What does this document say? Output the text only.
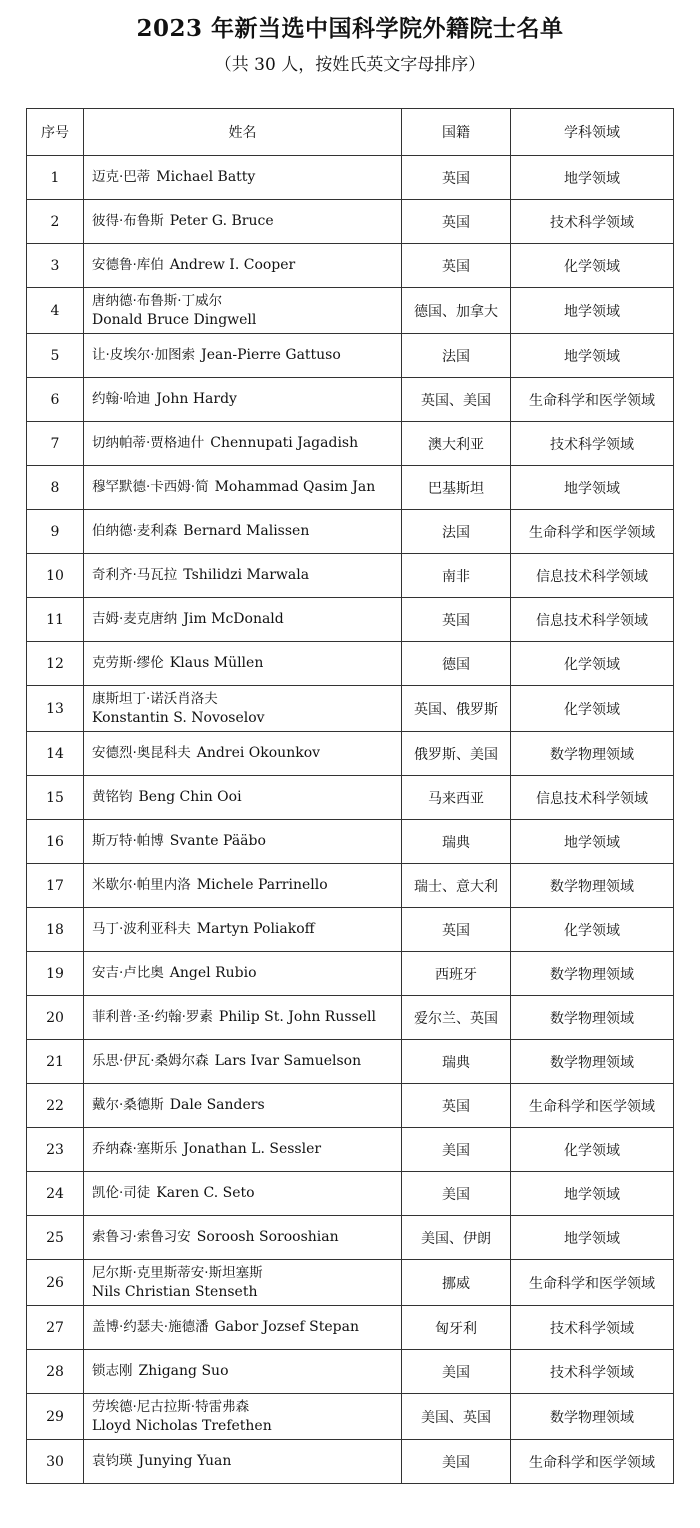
2023 年新当选中国科学院外籍院士名单
（共 30 人，按姓氏英文字母排序）
序号	姓名	国籍	学科领域
1	迈克·巴蒂 Michael Batty	英国	地学领域
2	彼得·布鲁斯 Peter G. Bruce	英国	技术科学领域
3	安德鲁·库伯 Andrew I. Cooper	英国	化学领域
4	唐纳德·布鲁斯·丁威尔
Donald Bruce Dingwell	德国、加拿大	地学领域
5	让·皮埃尔·加图索 Jean-Pierre Gattuso	法国	地学领域
6	约翰·哈迪 John Hardy	英国、美国	生命科学和医学领域
7	切纳帕蒂·贾格迪什 Chennupati Jagadish	澳大利亚	技术科学领域
8	穆罕默德·卡西姆·简 Mohammad Qasim Jan	巴基斯坦	地学领域
9	伯纳德·麦利森 Bernard Malissen	法国	生命科学和医学领域
10	奇利齐·马瓦拉 Tshilidzi Marwala	南非	信息技术科学领域
11	吉姆·麦克唐纳 Jim McDonald	英国	信息技术科学领域
12	克劳斯·缪伦 Klaus Müllen	德国	化学领域
13	康斯坦丁·诺沃肖洛夫
Konstantin S. Novoselov	英国、俄罗斯	化学领域
14	安德烈·奥昆科夫 Andrei Okounkov	俄罗斯、美国	数学物理领域
15	黄铭钧 Beng Chin Ooi	马来西亚	信息技术科学领域
16	斯万特·帕博 Svante Pääbo	瑞典	地学领域
17	米歇尔·帕里内洛 Michele Parrinello	瑞士、意大利	数学物理领域
18	马丁·波利亚科夫 Martyn Poliakoff	英国	化学领域
19	安吉·卢比奥 Angel Rubio	西班牙	数学物理领域
20	菲利普·圣·约翰·罗素 Philip St. John Russell	爱尔兰、英国	数学物理领域
21	乐思·伊瓦·桑姆尔森 Lars Ivar Samuelson	瑞典	数学物理领域
22	戴尔·桑德斯 Dale Sanders	英国	生命科学和医学领域
23	乔纳森·塞斯乐 Jonathan L. Sessler	美国	化学领域
24	凯伦·司徒 Karen C. Seto	美国	地学领域
25	索鲁习·索鲁习安 Soroosh Sorooshian	美国、伊朗	地学领域
26	尼尔斯·克里斯蒂安·斯坦塞斯
Nils Christian Stenseth	挪威	生命科学和医学领域
27	盖博·约瑟夫·施德潘 Gabor Jozsef Stepan	匈牙利	技术科学领域
28	锁志刚 Zhigang Suo	美国	技术科学领域
29	劳埃德·尼古拉斯·特雷弗森
Lloyd Nicholas Trefethen	美国、英国	数学物理领域
30	袁钧瑛 Junying Yuan	美国	生命科学和医学领域
